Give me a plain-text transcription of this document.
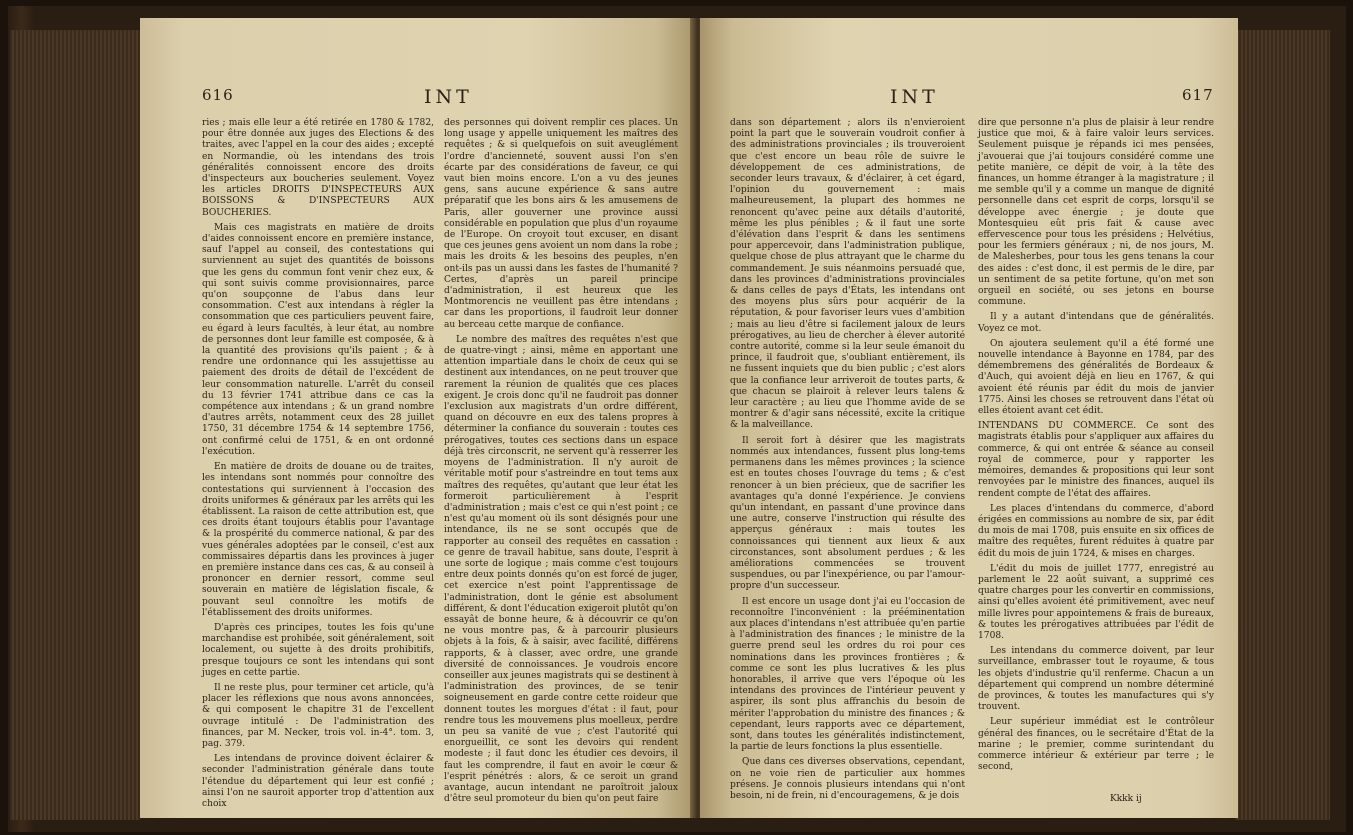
616	INT

ries ; mais elle leur a été retirée en 1780 & 1782, pour être donnée aux juges des Elections & des traites, avec l'appel en la cour des aides ; excepté en Normandie, où les intendans des trois généralités connoissent encore des droits d'inspecteurs aux boucheries seulement. Voyez les articles DROITS D'INSPECTEURS AUX BOISSONS & D'INSPECTEURS AUX BOUCHERIES.

Mais ces magistrats en matière de droits d'aides connoissent encore en première instance, sauf l'appel au conseil, des contestations qui surviennent au sujet des quantités de boissons que les gens du commun font venir chez eux, & qui sont suivis comme provisionnaires, parce qu'on soupçonne de l'abus dans leur consommation. C'est aux intendans à régler la consommation que ces particuliers peuvent faire, eu égard à leurs facultés, à leur état, au nombre de personnes dont leur famille est composée, & à la quantité des provisions qu'ils paient ; & à rendre une ordonnance qui les assujettisse au paiement des droits de détail de l'excédent de leur consommation naturelle. L'arrêt du conseil du 13 février 1741 attribue dans ce cas la compétence aux intendans ; & un grand nombre d'autres arrêts, notamment ceux des 28 juillet 1750, 31 décembre 1754 & 14 septembre 1756, ont confirmé celui de 1751, & en ont ordonné l'exécution.

En matière de droits de douane ou de traites, les intendans sont nommés pour connoître des contestations qui surviennent à l'occasion des droits uniformes & généraux par les arrêts qui les établissent. La raison de cette attribution est, que ces droits étant toujours établis pour l'avantage & la prospérité du commerce national, & par des vues générales adoptées par le conseil, c'est aux commissaires départis dans les provinces à juger en première instance dans ces cas, & au conseil à prononcer en dernier ressort, comme seul souverain en matière de législation fiscale, & pouvant seul connoître les motifs de l'établissement des droits uniformes.

D'après ces principes, toutes les fois qu'une marchandise est prohibée, soit généralement, soit localement, ou sujette à des droits prohibitifs, presque toujours ce sont les intendans qui sont juges en cette partie.

Il ne reste plus, pour terminer cet article, qu'à placer les réflexions que nous avons annoncées, & qui composent le chapitre 31 de l'excellent ouvrage intitulé : De l'administration des finances, par M. Necker, trois vol. in-4°. tom. 3, pag. 379.

Les intendans de province doivent éclairer & seconder l'administration générale dans toute l'étendue du département qui leur est confié ; ainsi l'on ne sauroit apporter trop d'attention aux choix

des personnes qui doivent remplir ces places. Un long usage y appelle uniquement les maîtres des requêtes ; & si quelquefois on suit aveuglément l'ordre d'ancienneté, souvent aussi l'on s'en écarte par des considérations de faveur, ce qui vaut bien moins encore. L'on a vu des jeunes gens, sans aucune expérience & sans autre préparatif que les bons airs & les amusemens de Paris, aller gouverner une province aussi considérable en population que plus d'un royaume de l'Europe. On croyoit tout excuser, en disant que ces jeunes gens avoient un nom dans la robe ; mais les droits & les besoins des peuples, n'en ont-ils pas un aussi dans les fastes de l'humanité ? Certes, d'après un pareil principe d'administration, il est heureux que les Montmorencis ne veuillent pas être intendans ; car dans les proportions, il faudroit leur donner au berceau cette marque de confiance.

Le nombre des maîtres des requêtes n'est que de quatre-vingt ; ainsi, même en apportant une attention impartiale dans le choix de ceux qui se destinent aux intendances, on ne peut trouver que rarement la réunion de qualités que ces places exigent. Je crois donc qu'il ne faudroit pas donner l'exclusion aux magistrats d'un ordre différent, quand on découvre en eux des talens propres à déterminer la confiance du souverain : toutes ces prérogatives, toutes ces sections dans un espace déjà très circonscrit, ne servent qu'à resserrer les moyens de l'administration. Il n'y auroit de véritable motif pour s'astreindre en tout tems aux maîtres des requêtes, qu'autant que leur état les formeroit particulièrement à l'esprit d'administration ; mais c'est ce qui n'est point ; ce n'est qu'au moment où ils sont désignés pour une intendance, ils ne se sont occupés que de rapporter au conseil des requêtes en cassation : ce genre de travail habitue, sans doute, l'esprit à une sorte de logique ; mais comme c'est toujours entre deux points donnés qu'on est forcé de juger, cet exercice n'est point l'apprentissage de l'administration, dont le génie est absolument différent, & dont l'éducation exigeroit plutôt qu'on essayât de bonne heure, & à découvrir ce qu'on ne vous montre pas, & à parcourir plusieurs objets à la fois, & à saisir, avec facilité, différens rapports, & à classer, avec ordre, une grande diversité de connoissances. Je voudrois encore conseiller aux jeunes magistrats qui se destinent à l'administration des provinces, de se tenir soigneusement en garde contre cette roideur que donnent toutes les morgues d'état : il faut, pour rendre tous les mouvemens plus moelleux, perdre un peu sa vanité de vue ; c'est l'autorité qui enorgueillit, ce sont les devoirs qui rendent modeste ; il faut donc les étudier ces devoirs, il faut les comprendre, il faut en avoir le cœur & l'esprit pénétrés : alors, & ce seroit un grand avantage, aucun intendant ne paroîtroit jaloux d'être seul promoteur du bien qu'on peut faire

INT	617

dans son département ; alors ils n'envieroient point la part que le souverain voudroit confier à des administrations provinciales ; ils trouveroient que c'est encore un beau rôle de suivre le développement de ces administrations, de seconder leurs travaux, & d'éclairer, à cet égard, l'opinion du gouvernement : mais malheureusement, la plupart des hommes ne renoncent qu'avec peine aux détails d'autorité, même les plus pénibles ; & il faut une sorte d'élévation dans l'esprit & dans les sentimens pour appercevoir, dans l'administration publique, quelque chose de plus attrayant que le charme du commandement. Je suis néanmoins persuadé que, dans les provinces d'administrations provinciales & dans celles de pays d'États, les intendans ont des moyens plus sûrs pour acquérir de la réputation, & pour favoriser leurs vues d'ambition ; mais au lieu d'être si facilement jaloux de leurs prérogatives, au lieu de chercher à élever autorité contre autorité, comme si la leur seule émanoit du prince, il faudroit que, s'oubliant entièrement, ils ne fussent inquiets que du bien public ; c'est alors que la confiance leur arriveroit de toutes parts, & que chacun se plairoit à relever leurs talens & leur caractère ; au lieu que l'homme avide de se montrer & d'agir sans nécessité, excite la critique & la malveillance.

Il seroit fort à désirer que les magistrats nommés aux intendances, fussent plus long-tems permanens dans les mêmes provinces ; la science est en toutes choses l'ouvrage du tems ; & c'est renoncer à un bien précieux, que de sacrifier les avantages qu'a donné l'expérience. Je conviens qu'un intendant, en passant d'une province dans une autre, conserve l'instruction qui résulte des apperçus généraux : mais toutes les connoissances qui tiennent aux lieux & aux circonstances, sont absolument perdues ; & les améliorations commencées se trouvent suspendues, ou par l'inexpérience, ou par l'amour-propre d'un successeur.

Il est encore un usage dont j'ai eu l'occasion de reconnoître l'inconvénient : la prééminentation aux places d'intendans n'est attribuée qu'en partie à l'administration des finances ; le ministre de la guerre prend seul les ordres du roi pour ces nominations dans les provinces frontières ; & comme ce sont les plus lucratives & les plus honorables, il arrive que vers l'époque où les intendans des provinces de l'intérieur peuvent y aspirer, ils sont plus affranchis du besoin de mériter l'approbation du ministre des finances ; & cependant, leurs rapports avec ce département, sont, dans toutes les généralités indistinctement, la partie de leurs fonctions la plus essentielle.

Que dans ces diverses observations, cependant, on ne voie rien de particulier aux hommes présens. Je connois plusieurs intendans qui n'ont besoin, ni de frein, ni d'encouragemens, & je dois

dire que personne n'a plus de plaisir à leur rendre justice que moi, & à faire valoir leurs services. Seulement puisque je répands ici mes pensées, j'avouerai que j'ai toujours considéré comme une petite manière, ce dépit de voir, à la tête des finances, un homme étranger à la magistrature ; il me semble qu'il y a comme un manque de dignité personnelle dans cet esprit de corps, lorsqu'il se développe avec énergie ; je doute que Montesquieu eût pris fait & cause avec effervescence pour tous les présidens ; Helvétius, pour les fermiers généraux ; ni, de nos jours, M. de Malesherbes, pour tous les gens tenans la cour des aides : c'est donc, il est permis de le dire, par un sentiment de sa petite fortune, qu'on met son orgueil en société, ou ses jetons en bourse commune.

Il y a autant d'intendans que de généralités. Voyez ce mot.

On ajoutera seulement qu'il a été formé une nouvelle intendance à Bayonne en 1784, par des démembremens des généralités de Bordeaux & d'Auch, qui avoient déjà en lieu en 1767, & qui avoient été réunis par édit du mois de janvier 1775. Ainsi les choses se retrouvent dans l'état où elles étoient avant cet édit.

INTENDANS DU COMMERCE. Ce sont des magistrats établis pour s'appliquer aux affaires du commerce, & qui ont entrée & séance au conseil royal de commerce, pour y rapporter les mémoires, demandes & propositions qui leur sont renvoyées par le ministre des finances, auquel ils rendent compte de l'état des affaires.

Les places d'intendans du commerce, d'abord érigées en commissions au nombre de six, par édit du mois de mai 1708, puis ensuite en six offices de maître des requêtes, furent réduites à quatre par édit du mois de juin 1724, & mises en charges.

L'édit du mois de juillet 1777, enregistré au parlement le 22 août suivant, a supprimé ces quatre charges pour les convertir en commissions, ainsi qu'elles avoient été primitivement, avec neuf mille livres pour appointemens & frais de bureaux, & toutes les prérogatives attribuées par l'édit de 1708.

Les intendans du commerce doivent, par leur surveillance, embrasser tout le royaume, & tous les objets d'industrie qu'il renferme. Chacun a un département qui comprend un nombre déterminé de provinces, & toutes les manufactures qui s'y trouvent.

Leur supérieur immédiat est le contrôleur général des finances, ou le secrétaire d'État de la marine ; le premier, comme surintendant du commerce intérieur & extérieur par terre ; le second,

Kkkk ij
